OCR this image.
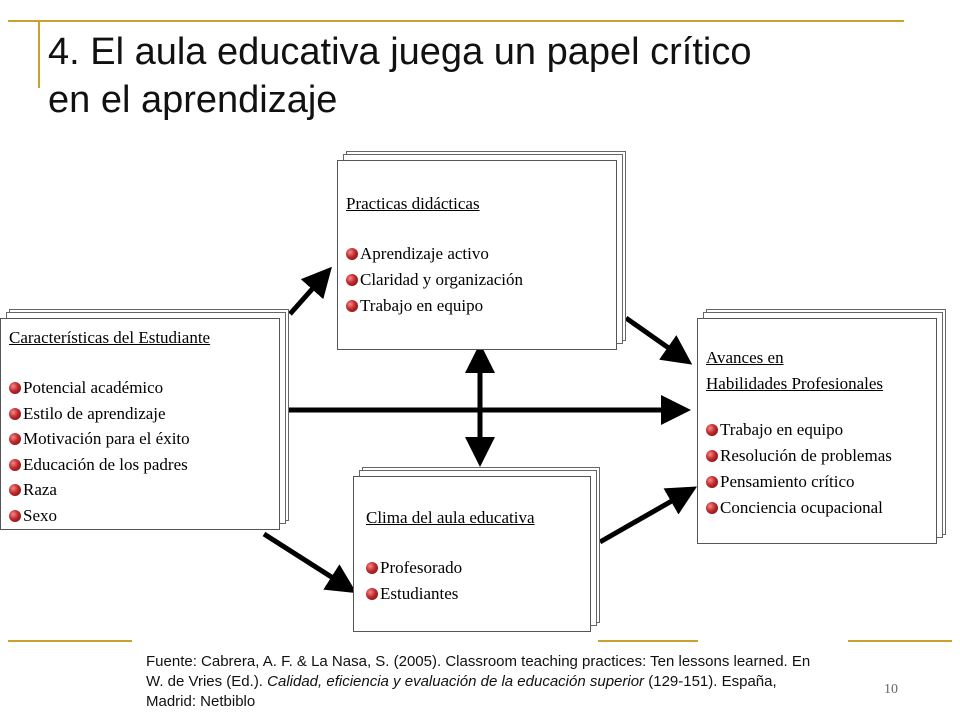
4. El aula educativa juega un papel crítico
en el aprendizaje
Características del Estudiante
Potencial académico
Estilo de aprendizaje
Motivación para el éxito
Educación de los padres
Raza
Sexo
Practicas didácticas
Aprendizaje activo
Claridad y organización
Trabajo en equipo
Clima del aula educativa
Profesorado
Estudiantes
Avances en
Habilidades Profesionales
Trabajo en equipo
Resolución de problemas
Pensamiento crítico
Conciencia ocupacional
Fuente: Cabrera, A. F. & La Nasa, S. (2005). Classroom teaching practices: Ten lessons learned. En W. de Vries (Ed.). Calidad, eficiencia y evaluación de la educación superior (129-151). España, Madrid: Netbiblo
10
